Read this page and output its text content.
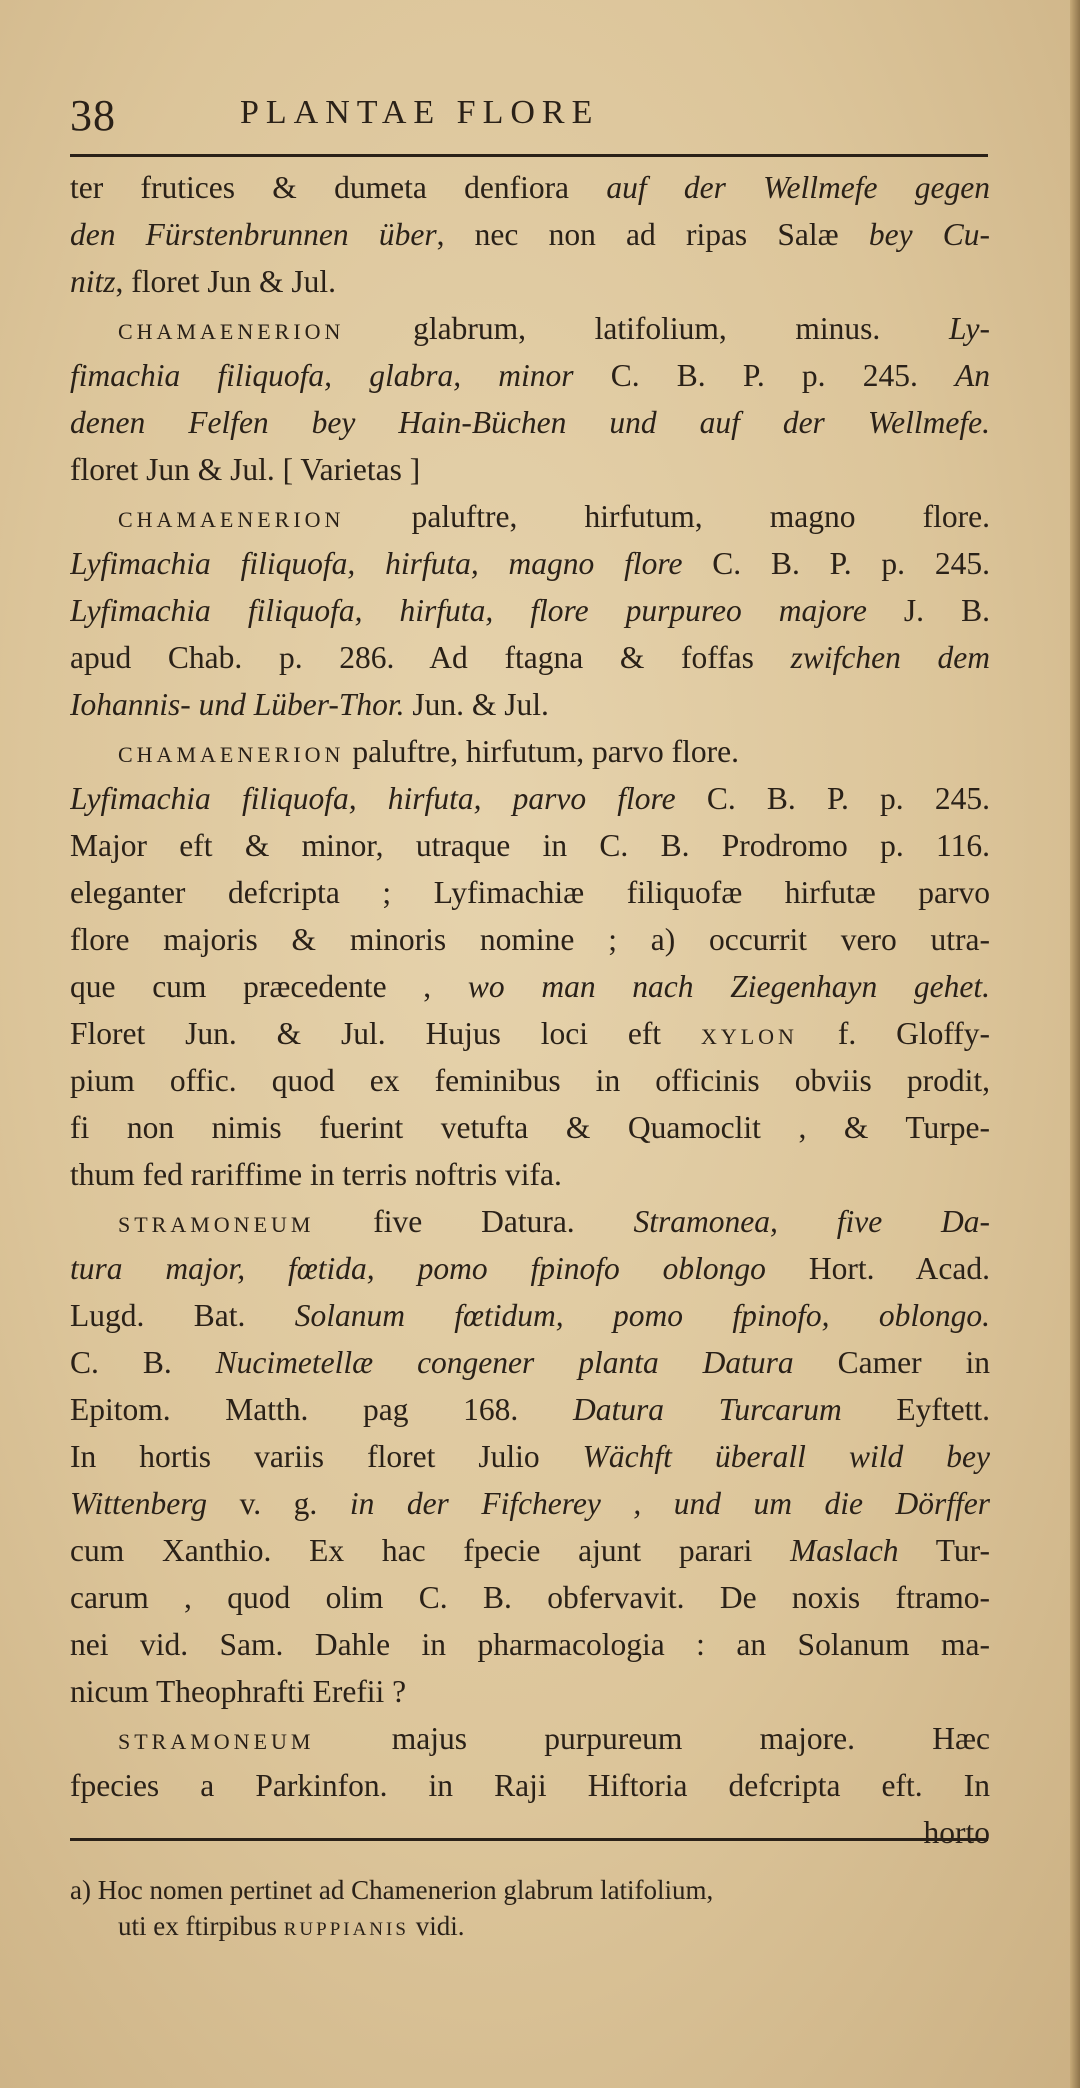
38	PLANTAE FLORE
ter frutices & dumeta denfiora auf der Wellmefe gegen
den Fürstenbrunnen über, nec non ad ripas Salæ bey Cu-
nitz, floret Jun & Jul.
CHAMAENERION glabrum, latifolium, minus. Ly-
fimachia filiquofa, glabra, minor C. B. P. p. 245. An
denen Felfen bey Hain-Büchen und auf der Wellmefe.
floret Jun & Jul. [ Varietas ]
CHAMAENERION paluftre, hirfutum, magno flore.
Lyfimachia filiquofa, hirfuta, magno flore C. B. P. p. 245.
Lyfimachia filiquofa, hirfuta, flore purpureo majore J. B.
apud Chab. p. 286. Ad ftagna & foffas zwifchen dem
Iohannis- und Lüber-Thor. Jun. & Jul.
CHAMAENERION paluftre, hirfutum, parvo flore.
Lyfimachia filiquofa, hirfuta, parvo flore C. B. P. p. 245.
Major eft & minor, utraque in C. B. Prodromo p. 116.
eleganter defcripta ; Lyfimachiæ filiquofæ hirfutæ parvo
flore majoris & minoris nomine ; a) occurrit vero utra-
que cum præcedente , wo man nach Ziegenhayn gehet.
Floret Jun. & Jul. Hujus loci eft XYLON f. Gloffy-
pium offic. quod ex feminibus in officinis obviis prodit,
fi non nimis fuerint vetufta & Quamoclit , & Turpe-
thum fed rariffime in terris noftris vifa.
STRAMONEUM five Datura. Stramonea, five Da-
tura major, fœtida, pomo fpinofo oblongo Hort. Acad.
Lugd. Bat. Solanum fœtidum, pomo fpinofo, oblongo.
C. B. Nucimetellæ congener planta Datura Camer in
Epitom. Matth. pag 168. Datura Turcarum Eyftett.
In hortis variis floret Julio Wächft überall wild bey
Wittenberg v. g. in der Fifcherey , und um die Dörffer
cum Xanthio. Ex hac fpecie ajunt parari Maslach Tur-
carum , quod olim C. B. obfervavit. De noxis ftramo-
nei vid. Sam. Dahle in pharmacologia : an Solanum ma-
nicum Theophrafti Erefii ?
STRAMONEUM majus purpureum majore. Hæc
fpecies a Parkinfon. in Raji Hiftoria defcripta eft. In
horto
a) Hoc nomen pertinet ad Chamenerion glabrum latifolium,
uti ex ftirpibus RUPPIANIS vidi.
